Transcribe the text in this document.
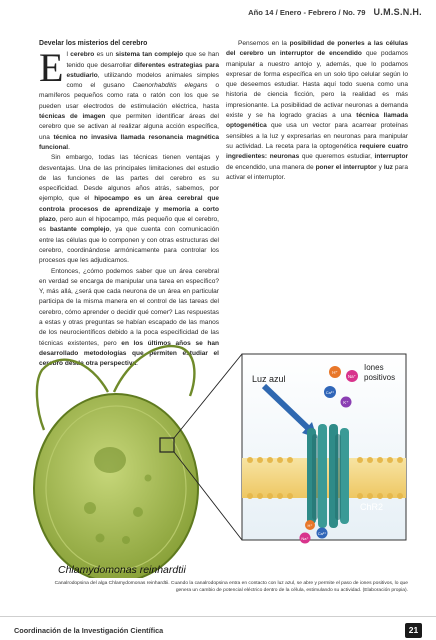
Año 14 / Enero - Febrero / No. 79 U.M.S.N.H.

Develar los misterios del cerebro

El cerebro es un sistema tan complejo que se han tenido que desarrollar diferentes estrategias para estudiarlo, utilizando modelos animales simples como el gusano Caenorhabditis elegans o mamíferos pequeños como rata o ratón con los que se pueden usar electrodos de estimulación eléctrica, hasta técnicas de imagen que permiten identificar áreas del cerebro que se activan al realizar alguna acción específica, una técnica no invasiva llamada resonancia magnética funcional.

Sin embargo, todas las técnicas tienen ventajas y desventajas. Una de las principales limitaciones del estudio de las funciones de las partes del cerebro es su especificidad. Desde algunos años atrás, sabemos, por ejemplo, que el hipocampo es un área cerebral que controla procesos de aprendizaje y memoria a corto plazo, pero aun el hipocampo, más pequeño que el cerebro, es bastante complejo, ya que cuenta con comunicación entre las células que lo componen y con otras estructuras del cerebro, coordinándose armónicamente para controlar los procesos que les adjudicamos.

Entonces, ¿cómo podemos saber que un área cerebral en verdad se encarga de manipular una tarea en específico? Y, más allá, ¿será que cada neurona de un área en particular participa de la misma manera en el control de las tareas del cerebro, cómo aprender o decidir qué comer? Las respuestas a estas y otras preguntas se habían escapado de las manos de los neurocientíficos debido a la poca especificidad de las técnicas existentes, pero en los últimos años se han desarrollado metodologías que permiten estudiar el cerebro desde otra perspectiva.

Pensemos en la posibilidad de ponerles a las células del cerebro un interruptor de encendido que podamos manipular a nuestro antojo y, además, que lo podamos expresar de forma específica en un solo tipo celular según lo que deseemos estudiar. Hasta aquí todo suena como una historia de ciencia ficción, pero la realidad es más impresionante. La posibilidad de activar neuronas a demanda existe y se ha logrado gracias a una técnica llamada optogenética que usa un vector para acarrear proteínas sensibles a la luz y expresarlas en neuronas para manipular su actividad. La receta para la optogenética requiere cuatro ingredientes: neuronas que queremos estudiar, interruptor de encendido, una manera de poner el interruptor y luz para activar el interruptor.

Luz azul
ChR2
H⁺
Na⁺
Ca²⁺
K⁺
Iones
positivos
Ca²⁺
Na⁺
H⁺
Chlamydomonas reinhardtii
Canalrodopsina del alga Chlamydomonas reinhardtii. Cuando la canalrodopsina entra en contacto con luz azul, se abre y permite el paso de iones positivos, lo que genera un cambio de potencial eléctrico dentro de la célula, estimulando su actividad. (Elaboración propia).
Coordinación de la Investigación Científica	21
